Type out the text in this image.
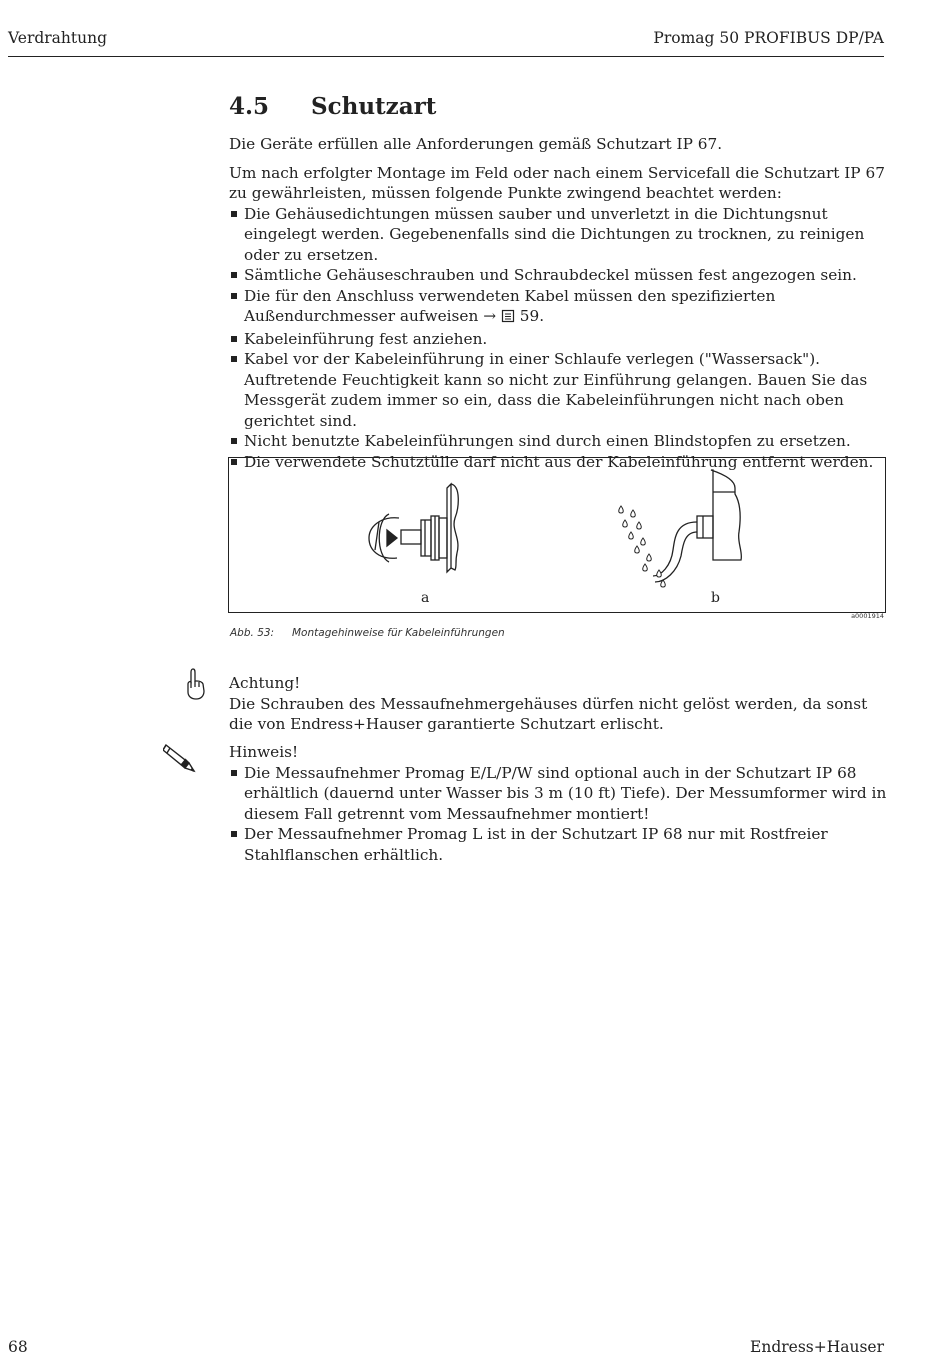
Verdrahtung	Promag 50 PROFIBUS DP/PA
4.5 Schutzart

Die Geräte erfüllen alle Anforderungen gemäß Schutzart IP 67.

Um nach erfolgter Montage im Feld oder nach einem Servicefall die Schutzart IP 67 zu gewährleisten, müssen folgende Punkte zwingend beachtet werden:

Die Gehäusedichtungen müssen sauber und unverletzt in die Dichtungsnut eingelegt werden. Gegebenenfalls sind die Dichtungen zu trocknen, zu reinigen oder zu ersetzen.
Sämtliche Gehäuseschrauben und Schraubdeckel müssen fest angezogen sein.
Die für den Anschluss verwendeten Kabel müssen den spezifizierten Außendurchmesser aufweisen → 59.
Kabeleinführung fest anziehen.
Kabel vor der Kabeleinführung in einer Schlaufe verlegen ("Wassersack"). Auftretende Feuchtigkeit kann so nicht zur Einführung gelangen. Bauen Sie das Messgerät zudem immer so ein, dass die Kabeleinführungen nicht nach oben gerichtet sind.
Nicht benutzte Kabeleinführungen sind durch einen Blindstopfen zu ersetzen.
Die verwendete Schutztülle darf nicht aus der Kabeleinführung entfernt werden.
a	b
a0001914
Abb. 53: Montagehinweise für Kabeleinführungen
Achtung!
Die Schrauben des Messaufnehmergehäuses dürfen nicht gelöst werden, da sonst die von Endress+Hauser garantierte Schutzart erlischt.
Hinweis!
Die Messaufnehmer Promag E/L/P/W sind optional auch in der Schutzart IP 68 erhältlich (dauernd unter Wasser bis 3 m (10 ft) Tiefe). Der Messumformer wird in diesem Fall getrennt vom Messaufnehmer montiert!
Der Messaufnehmer Promag L ist in der Schutzart IP 68 nur mit Rostfreier Stahlflanschen erhältlich.
68	Endress+Hauser
